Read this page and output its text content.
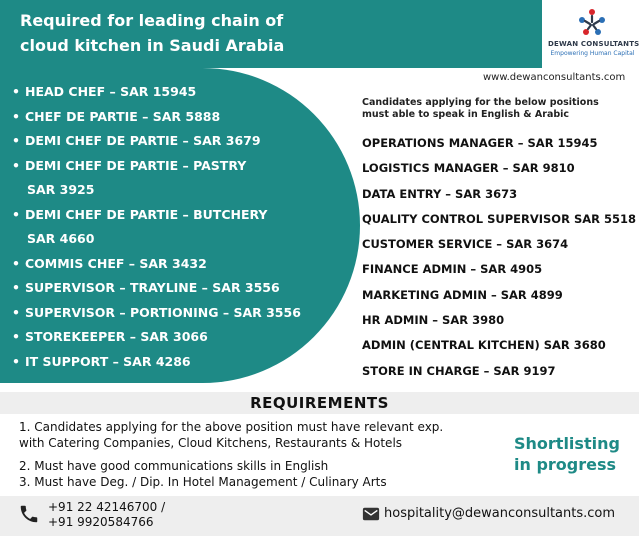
Required for leading chain of
cloud kitchen in Saudi Arabia	DEWAN CONSULTANTS
Empowering Human Capital
www.dewanconsultants.com
• HEAD CHEF – SAR 15945
• CHEF DE PARTIE – SAR 5888
• DEMI CHEF DE PARTIE – SAR 3679
• DEMI CHEF DE PARTIE – PASTRY
SAR 3925
• DEMI CHEF DE PARTIE – BUTCHERY
SAR 4660
• COMMIS CHEF – SAR 3432
• SUPERVISOR – TRAYLINE – SAR 3556
• SUPERVISOR – PORTIONING – SAR 3556
• STOREKEEPER – SAR 3066
• IT SUPPORT – SAR 4286
Candidates applying for the below positions must able to speak in English & Arabic
OPERATIONS MANAGER – SAR 15945
LOGISTICS MANAGER – SAR 9810
DATA ENTRY – SAR 3673
QUALITY CONTROL SUPERVISOR SAR 5518
CUSTOMER SERVICE – SAR 3674
FINANCE ADMIN – SAR 4905
MARKETING ADMIN – SAR 4899
HR ADMIN – SAR 3980
ADMIN (CENTRAL KITCHEN) SAR 3680
STORE IN CHARGE – SAR 9197
REQUIREMENTS
1. Candidates applying for the above position must have relevant exp.
with Catering Companies, Cloud Kitchens, Restaurants & Hotels
2. Must have good communications skills in English
3. Must have Deg. / Dip. In Hotel Management / Culinary Arts
Shortlisting
in progress
+91 22 42146700 /
+91 9920584766
hospitality@dewanconsultants.com
